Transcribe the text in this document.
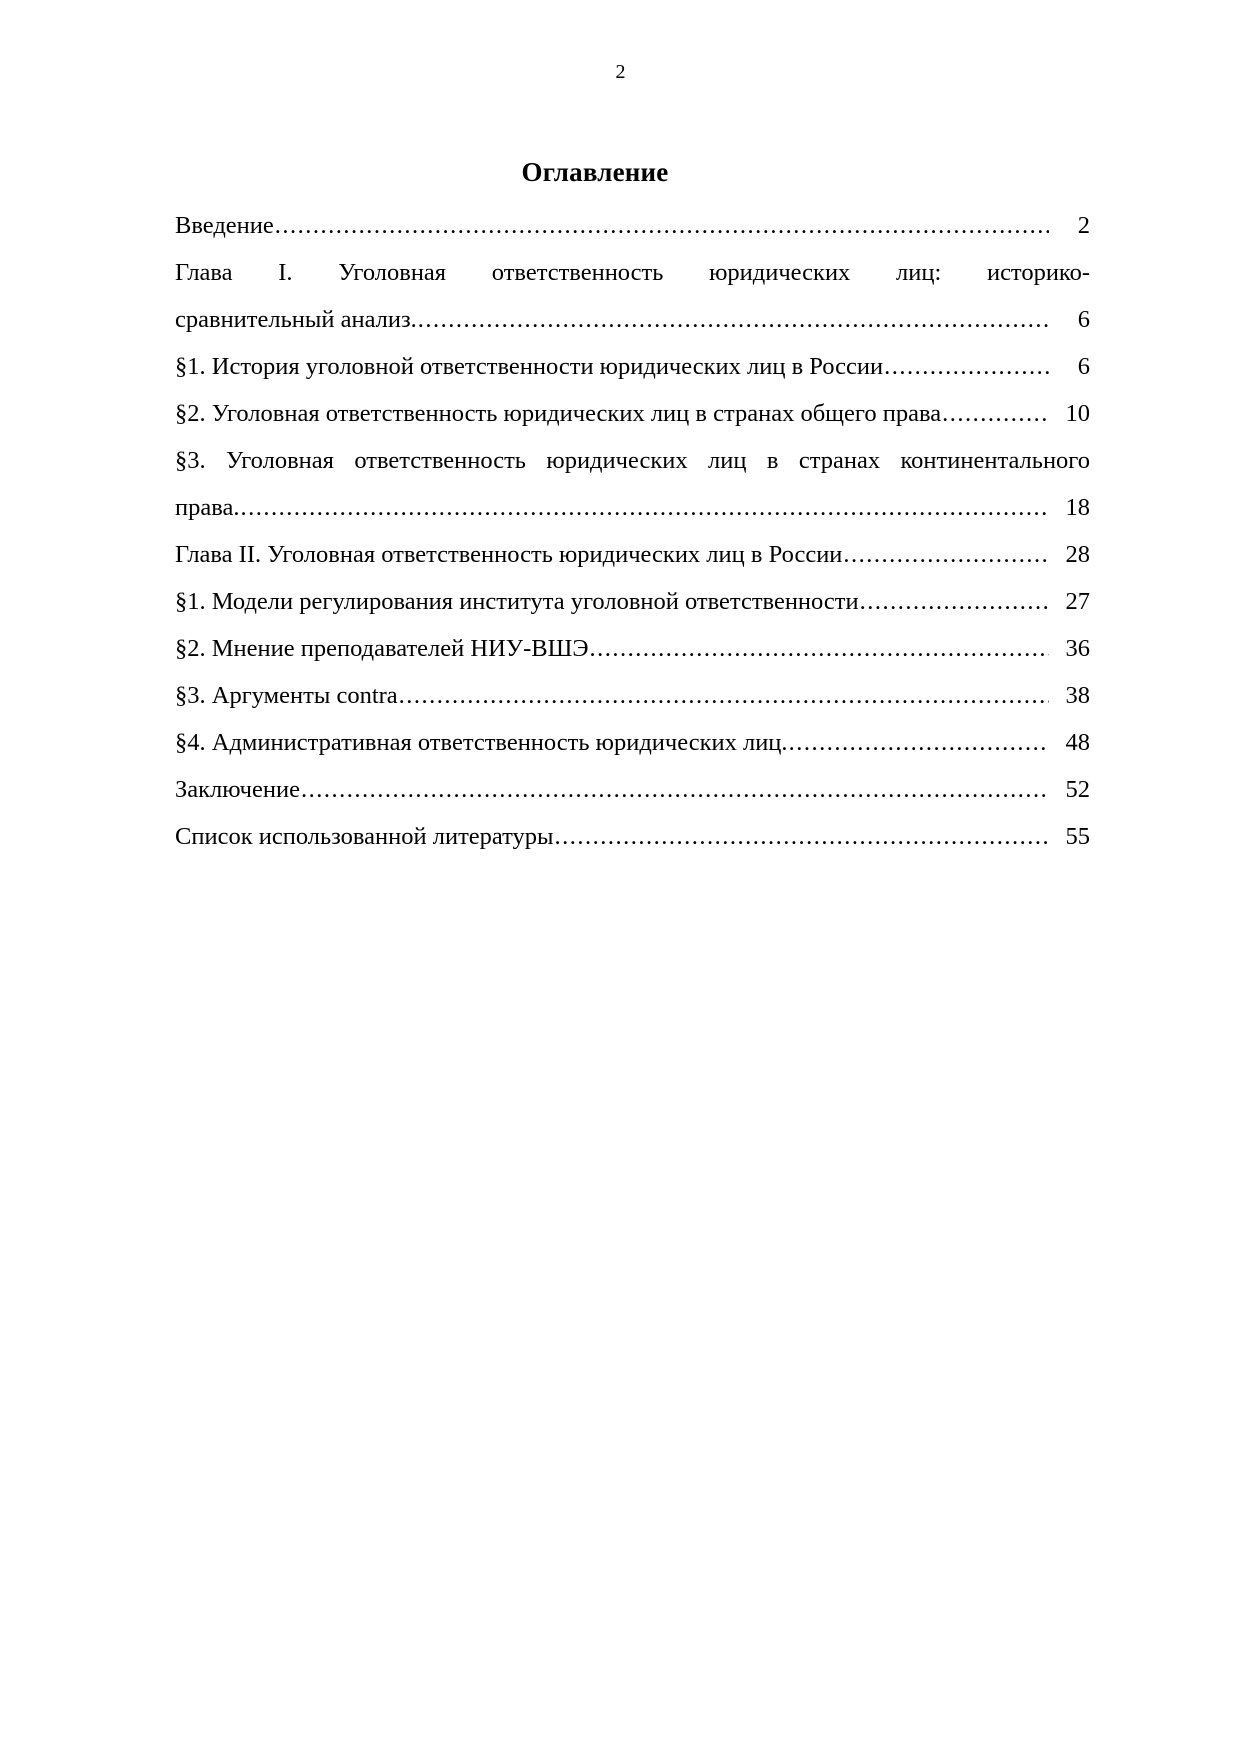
2
Оглавление
Введение .....	2
Глава I. Уголовная ответственность юридических лиц: историко-
сравнительный анализ. .....	6
§1. История уголовной ответственности юридических лиц в России .....	6
§2. Уголовная ответственность юридических лиц в странах общего права .....	10
§3. Уголовная ответственность юридических лиц в странах континентального
права. .....	18
Глава II. Уголовная ответственность юридических лиц в России .....	28
§1. Модели регулирования института уголовной ответственности .....	27
§2. Мнение преподавателей НИУ-ВШЭ .....	36
§3. Аргументы contra .....	38
§4. Административная ответственность юридических лиц. .....	48
Заключение .....	52
Список использованной литературы .....	55
